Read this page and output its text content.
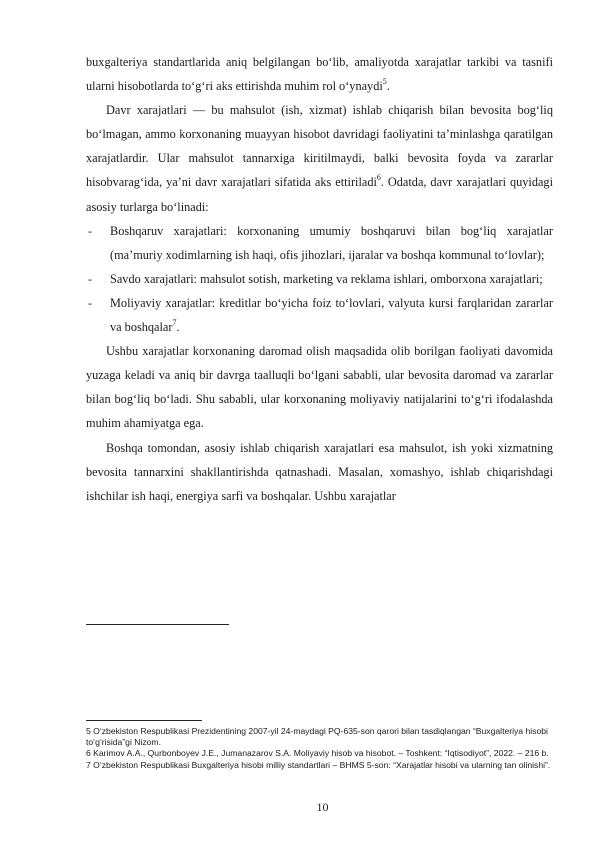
buxgalteriya standartlarida aniq belgilangan bo‘lib, amaliyotda xarajatlar tarkibi va tasnifi ularni hisobotlarda to‘g‘ri aks ettirishda muhim rol o‘ynaydi$^5$.

Davr xarajatlari — bu mahsulot (ish, xizmat) ishlab chiqarish bilan bevosita bog‘liq bo‘lmagan, ammo korxonaning muayyan hisobot davridagi faoliyatini ta’minlashga qaratilgan xarajatlardir. Ular mahsulot tannarxiga kiritilmaydi, balki bevosita foyda va zararlar hisobvarag‘ida, ya’ni davr xarajatlari sifatida aks ettiriladi$^6$. Odatda, davr xarajatlari quyidagi asosiy turlarga bo‘linadi:

- Boshqaruv xarajatlari: korxonaning umumiy boshqaruvi bilan bog‘liq xarajatlar (ma’muriy xodimlarning ish haqi, ofis jihozlari, ijaralar va boshqa kommunal to‘lovlar);
- Savdo xarajatlari: mahsulot sotish, marketing va reklama ishlari, omborxona xarajatlari;
- Moliyaviy xarajatlar: kreditlar bo‘yicha foiz to‘lovlari, valyuta kursi farqlaridan zararlar va boshqalar$^7$.

Ushbu xarajatlar korxonaning daromad olish maqsadida olib borilgan faoliyati davomida yuzaga keladi va aniq bir davrga taalluqli bo‘lgani sababli, ular bevosita daromad va zararlar bilan bog‘liq bo‘ladi. Shu sababli, ular korxonaning moliyaviy natijalarini to‘g‘ri ifodalashda muhim ahamiyatga ega.

Boshqa tomondan, asosiy ishlab chiqarish xarajatlari esa mahsulot, ish yoki xizmatning bevosita tannarxini shakllantirishda qatnashadi. Masalan, xomashyo, ishlab chiqarishdagi ishchilar ish haqi, energiya sarfi va boshqalar. Ushbu xarajatlar

5 O‘zbekiston Respublikasi Prezidentining 2007-yil 24-maydagi PQ-635-son qarori bilan tasdiqlangan “Buxgalteriya hisobi to‘g‘risida”gi Nizom.

6 Karimov A.A., Qurbonboyev J.E., Jumanazarov S.A. Moliyaviy hisob va hisobot. – Toshkent: “Iqtisodiyot”, 2022. – 216 b.

7 O‘zbekiston Respublikasi Buxgalteriya hisobi milliy standartlari – BHMS 5-son: “Xarajatlar hisobi va ularning tan olinishi”.

10
